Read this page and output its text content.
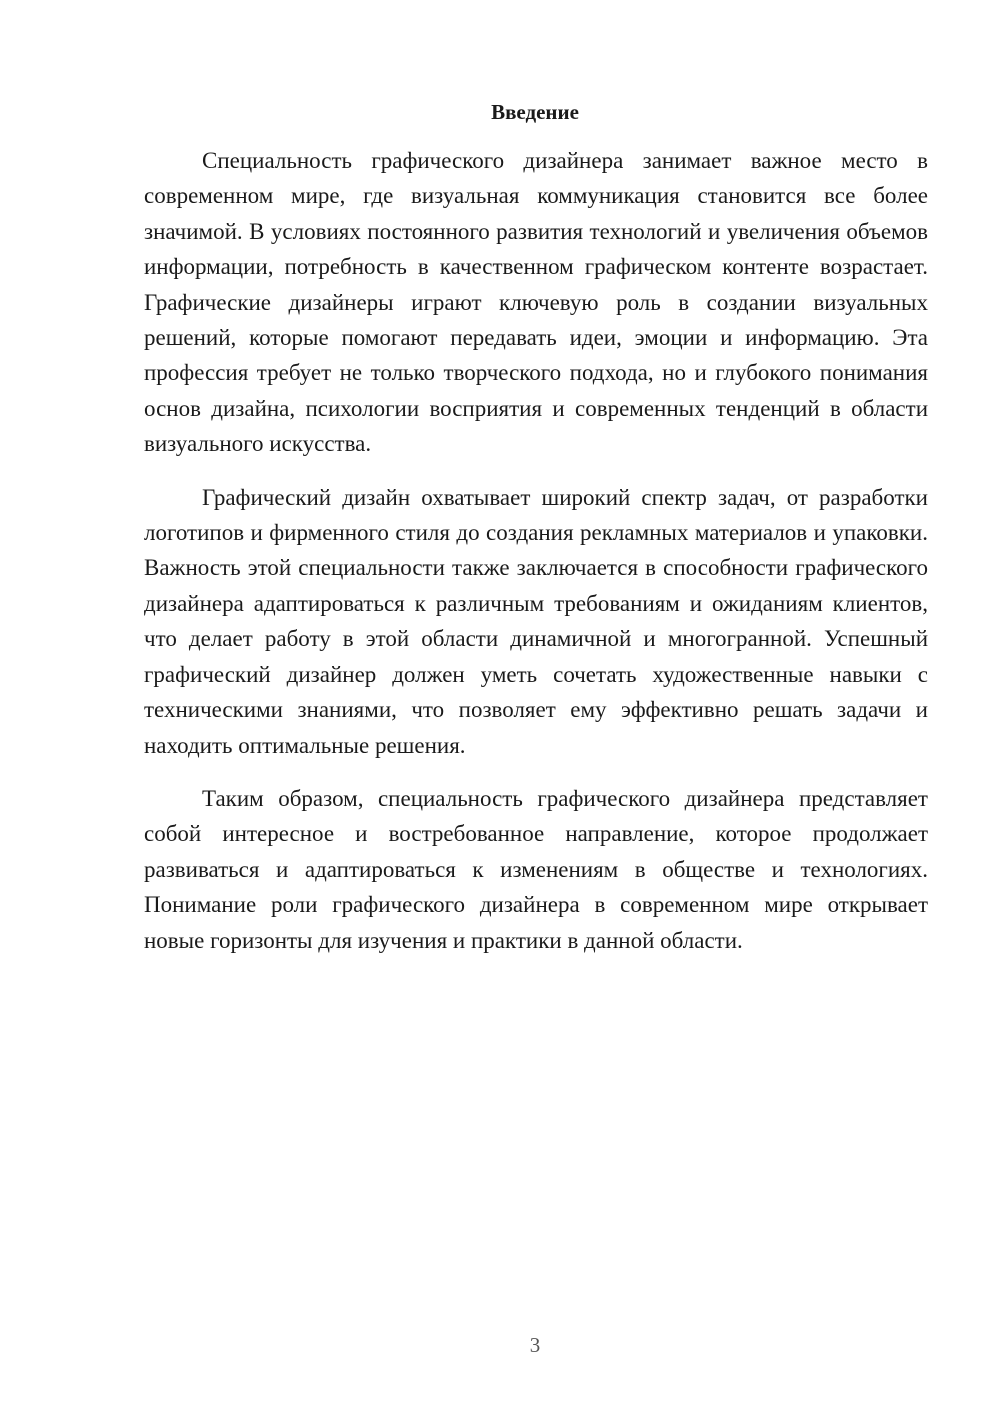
Введение

Специальность графического дизайнера занимает важное место в современном мире, где визуальная коммуникация становится все более значимой. В условиях постоянного развития технологий и увеличения объемов информации, потребность в качественном графическом контенте возрастает. Графические дизайнеры играют ключевую роль в создании визуальных решений, которые помогают передавать идеи, эмоции и информацию. Эта профессия требует не только творческого подхода, но и глубокого понимания основ дизайна, психологии восприятия и современных тенденций в области визуального искусства.

Графический дизайн охватывает широкий спектр задач, от разработки логотипов и фирменного стиля до создания рекламных материалов и упаковки. Важность этой специальности также заключается в способности графического дизайнера адаптироваться к различным требованиям и ожиданиям клиентов, что делает работу в этой области динамичной и многогранной. Успешный графический дизайнер должен уметь сочетать художественные навыки с техническими знаниями, что позволяет ему эффективно решать задачи и находить оптимальные решения.

Таким образом, специальность графического дизайнера представляет собой интересное и востребованное направление, которое продолжает развиваться и адаптироваться к изменениям в обществе и технологиях. Понимание роли графического дизайнера в современном мире открывает новые горизонты для изучения и практики в данной области.

3
